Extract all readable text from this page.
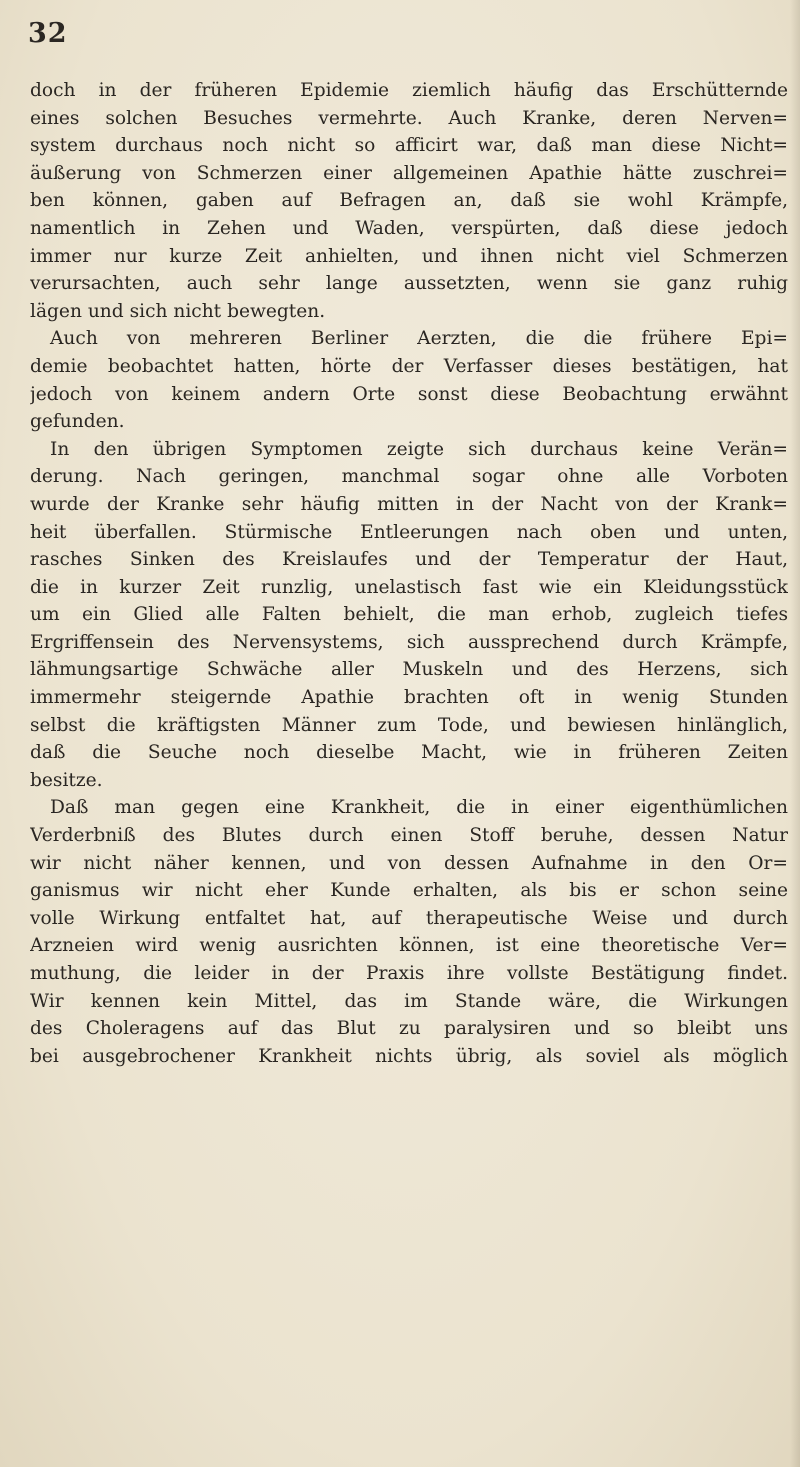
32
doch in der früheren Epidemie ziemlich häufig das Erschütternde
eines solchen Besuches vermehrte. Auch Kranke, deren Nerven=
system durchaus noch nicht so afficirt war, daß man diese Nicht=
äußerung von Schmerzen einer allgemeinen Apathie hätte zuschrei=
ben können, gaben auf Befragen an, daß sie wohl Krämpfe,
namentlich in Zehen und Waden, verspürten, daß diese jedoch
immer nur kurze Zeit anhielten, und ihnen nicht viel Schmerzen
verursachten, auch sehr lange aussetzten, wenn sie ganz ruhig
lägen und sich nicht bewegten.
Auch von mehreren Berliner Aerzten, die die frühere Epi=
demie beobachtet hatten, hörte der Verfasser dieses bestätigen, hat
jedoch von keinem andern Orte sonst diese Beobachtung erwähnt
gefunden.
In den übrigen Symptomen zeigte sich durchaus keine Verän=
derung. Nach geringen, manchmal sogar ohne alle Vorboten
wurde der Kranke sehr häufig mitten in der Nacht von der Krank=
heit überfallen. Stürmische Entleerungen nach oben und unten,
rasches Sinken des Kreislaufes und der Temperatur der Haut,
die in kurzer Zeit runzlig, unelastisch fast wie ein Kleidungsstück
um ein Glied alle Falten behielt, die man erhob, zugleich tiefes
Ergriffensein des Nervensystems, sich aussprechend durch Krämpfe,
lähmungsartige Schwäche aller Muskeln und des Herzens, sich
immermehr steigernde Apathie brachten oft in wenig Stunden
selbst die kräftigsten Männer zum Tode, und bewiesen hinlänglich,
daß die Seuche noch dieselbe Macht, wie in früheren Zeiten
besitze.
Daß man gegen eine Krankheit, die in einer eigenthümlichen
Verderbniß des Blutes durch einen Stoff beruhe, dessen Natur
wir nicht näher kennen, und von dessen Aufnahme in den Or=
ganismus wir nicht eher Kunde erhalten, als bis er schon seine
volle Wirkung entfaltet hat, auf therapeutische Weise und durch
Arzneien wird wenig ausrichten können, ist eine theoretische Ver=
muthung, die leider in der Praxis ihre vollste Bestätigung findet.
Wir kennen kein Mittel, das im Stande wäre, die Wirkungen
des Choleragens auf das Blut zu paralysiren und so bleibt uns
bei ausgebrochener Krankheit nichts übrig, als soviel als möglich
